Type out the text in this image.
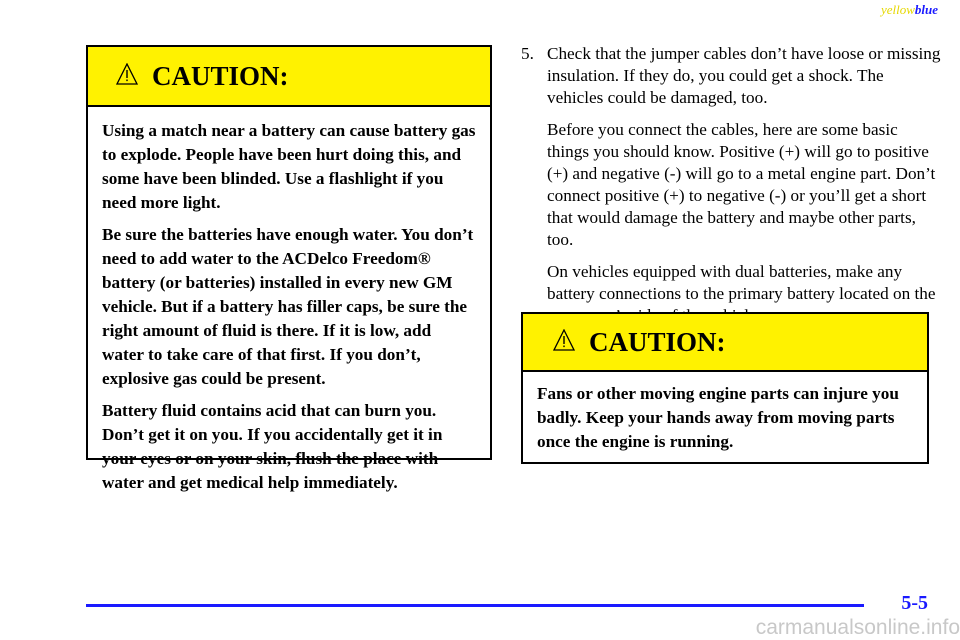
yellowblue
CAUTION:

Using a match near a battery can cause battery gas to explode. People have been hurt doing this, and some have been blinded. Use a flashlight if you need more light.

Be sure the batteries have enough water. You don’t need to add water to the ACDelco Freedom® battery (or batteries) installed in every new GM vehicle. But if a battery has filler caps, be sure the right amount of fluid is there. If it is low, add water to take care of that first. If you don’t, explosive gas could be present.

Battery fluid contains acid that can burn you. Don’t get it on you. If you accidentally get it in your eyes or on your skin, flush the place with water and get medical help immediately.

5. Check that the jumper cables don’t have loose or missing insulation. If they do, you could get a shock. The vehicles could be damaged, too.

Before you connect the cables, here are some basic things you should know. Positive (+) will go to positive (+) and negative (-) will go to a metal engine part. Don’t connect positive (+) to negative (-) or you’ll get a short that would damage the battery and maybe other parts, too.

On vehicles equipped with dual batteries, make any battery connections to the primary battery located on the

CAUTION:

Fans or other moving engine parts can injure you badly. Keep your hands away from moving parts once the engine is running.

5-5
carmanualsonline.info
